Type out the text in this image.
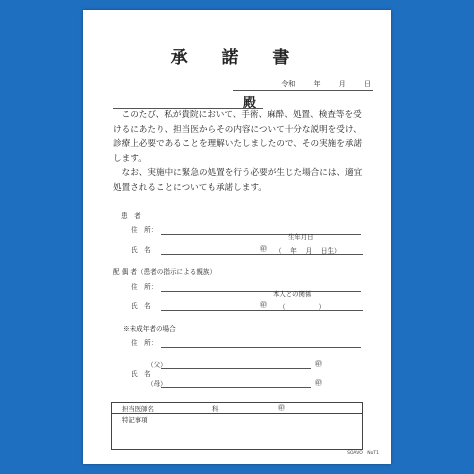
承 諾 書
令和 年 月 日
殿
このたび、私が貴院において、手術、麻酔、処置、検査等を受
けるにあたり、担当医からその内容について十分な説明を受け、
診療上必要であることを理解いたしましたので、その実施を承諾
します。
なお、実施中に緊急の処置を行う必要が生じた場合には、適宜
処置されることについても承諾します。
患　者
住　所：
生年月日
氏　名	㊞ （　 年　 月　 日生）
配 偶 者（患者の指示による親族）
住　所：
本人との関係
氏　名	㊞ （　　　　　）
※未成年者の場合
住　所：
（父）	㊞
氏　名
（母）	㊞
担当医師名	科	㊞
特記事項
SOAVO　NoT1
